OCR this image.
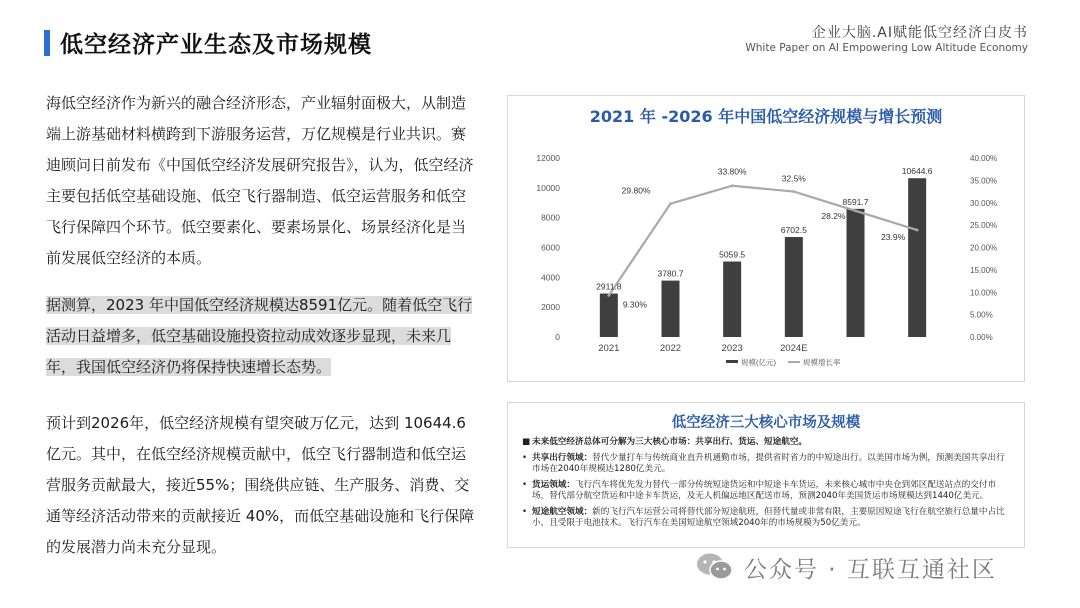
低空经济产业生态及市场规模	企业大脑.AI赋能低空经济白皮书
White Paper on AI Empowering Low Altitude Economy

海低空经济作为新兴的融合经济形态，产业辐射面极大，从制造端上游基础材料横跨到下游服务运营，万亿规模是行业共识。赛迪顾问日前发布《中国低空经济发展研究报告》，认为，低空经济主要包括低空基础设施、低空飞行器制造、低空运营服务和低空飞行保障四个环节。低空要素化、要素场景化、场景经济化是当前发展低空经济的本质。

据测算，2023 年中国低空经济规模达8591亿元。随着低空飞行活动日益增多，低空基础设施投资拉动成效逐步显现，未来几年，我国低空经济仍将保持快速增长态势。

预计到2026年，低空经济规模有望突破万亿元，达到 10644.6亿元。其中，在低空经济规模贡献中，低空飞行器制造和低空运营服务贡献最大，接近55%；围绕供应链、生产服务、消费、交通等经济活动带来的贡献接近 40%，而低空基础设施和飞行保障的发展潜力尚未充分显现。

2021 年 -2026 年中国低空经济规模与增长预测
0
2000
4000
6000
8000
10000
12000
0.00%
5.00%
10.00%
15.00%
20.00%
25.00%
30.00%
35.00%
40.00%
2911.8
3780.7
5059.5
6702.5
8591.7
10644.6
9.30%
29.80%
33.80%
32.5%
28.2%
23.9%
2021	2022	2023	2024E
规模(亿元)	规模增长率
低空经济三大核心市场及规模
■ 未来低空经济总体可分解为三大核心市场：共享出行、货运、短途航空。
• 共享出行领域：替代少量打车与传统商业直升机通勤市场，提供省时省力的中短途出行。以美国市场为例，预测美国共享出行市场在2040年规模达1280亿美元。
• 货运领域：飞行汽车将优先发力替代一部分传统短途货运和中短途卡车货运，未来核心城市中央仓到郊区配送站点的交付市场，替代部分航空货运和中途卡车货运，及无人机偏远地区配送市场，预测2040年美国货运市场规模达到1440亿美元。
• 短途航空领域：新的飞行汽车运营公司将替代部分短途航班，但替代量或非常有限，主要原因短途飞行在航空旅行总量中占比小，且受限于电池技术。飞行汽车在美国短途航空领域2040年的市场规模为50亿美元。
公众号 · 互联互通社区
